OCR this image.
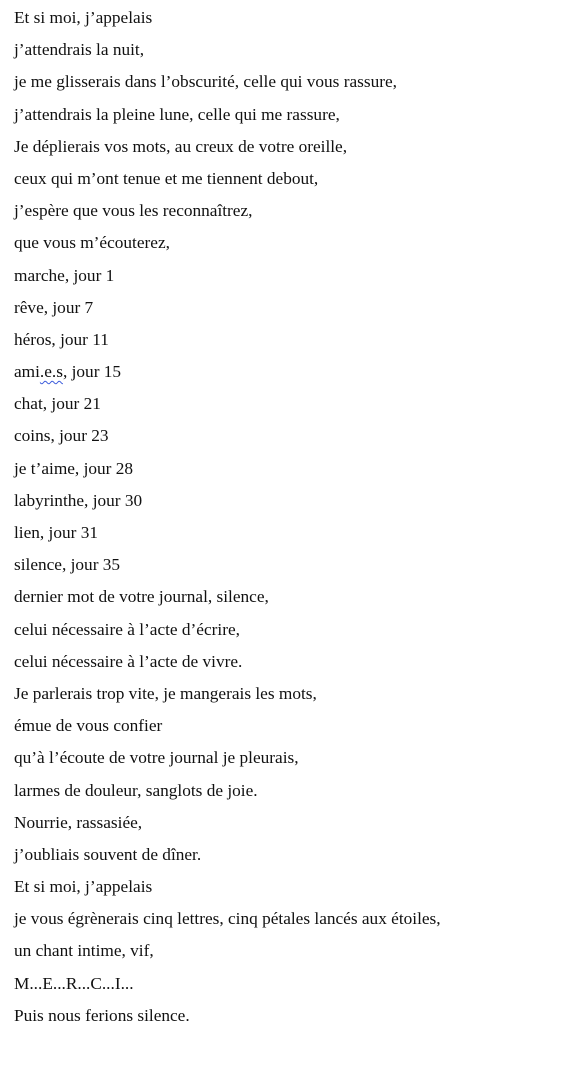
Et si moi, j’appelais
j’attendrais la nuit,
je me glisserais dans l’obscurité, celle qui vous rassure,
j’attendrais la pleine lune, celle qui me rassure,
Je déplierais vos mots, au creux de votre oreille,
ceux qui m’ont tenue et me tiennent debout,
j’espère que vous les reconnaîtrez,
que vous m’écouterez,
marche, jour 1
rêve, jour 7
héros, jour 11
ami.e.s, jour 15
chat, jour 21
coins, jour 23
je t’aime, jour 28
labyrinthe, jour 30
lien, jour 31
silence, jour 35
dernier mot de votre journal, silence,
celui nécessaire à l’acte d’écrire,
celui nécessaire à l’acte de vivre.
Je parlerais trop vite, je mangerais les mots,
émue de vous confier
qu’à l’écoute de votre journal je pleurais,
larmes de douleur, sanglots de joie.
Nourrie, rassasiée,
j’oubliais souvent de dîner.
Et si moi, j’appelais
je vous égrènerais cinq lettres, cinq pétales lancés aux étoiles,
un chant intime, vif,
M...E...R...C...I...
Puis nous ferions silence.
